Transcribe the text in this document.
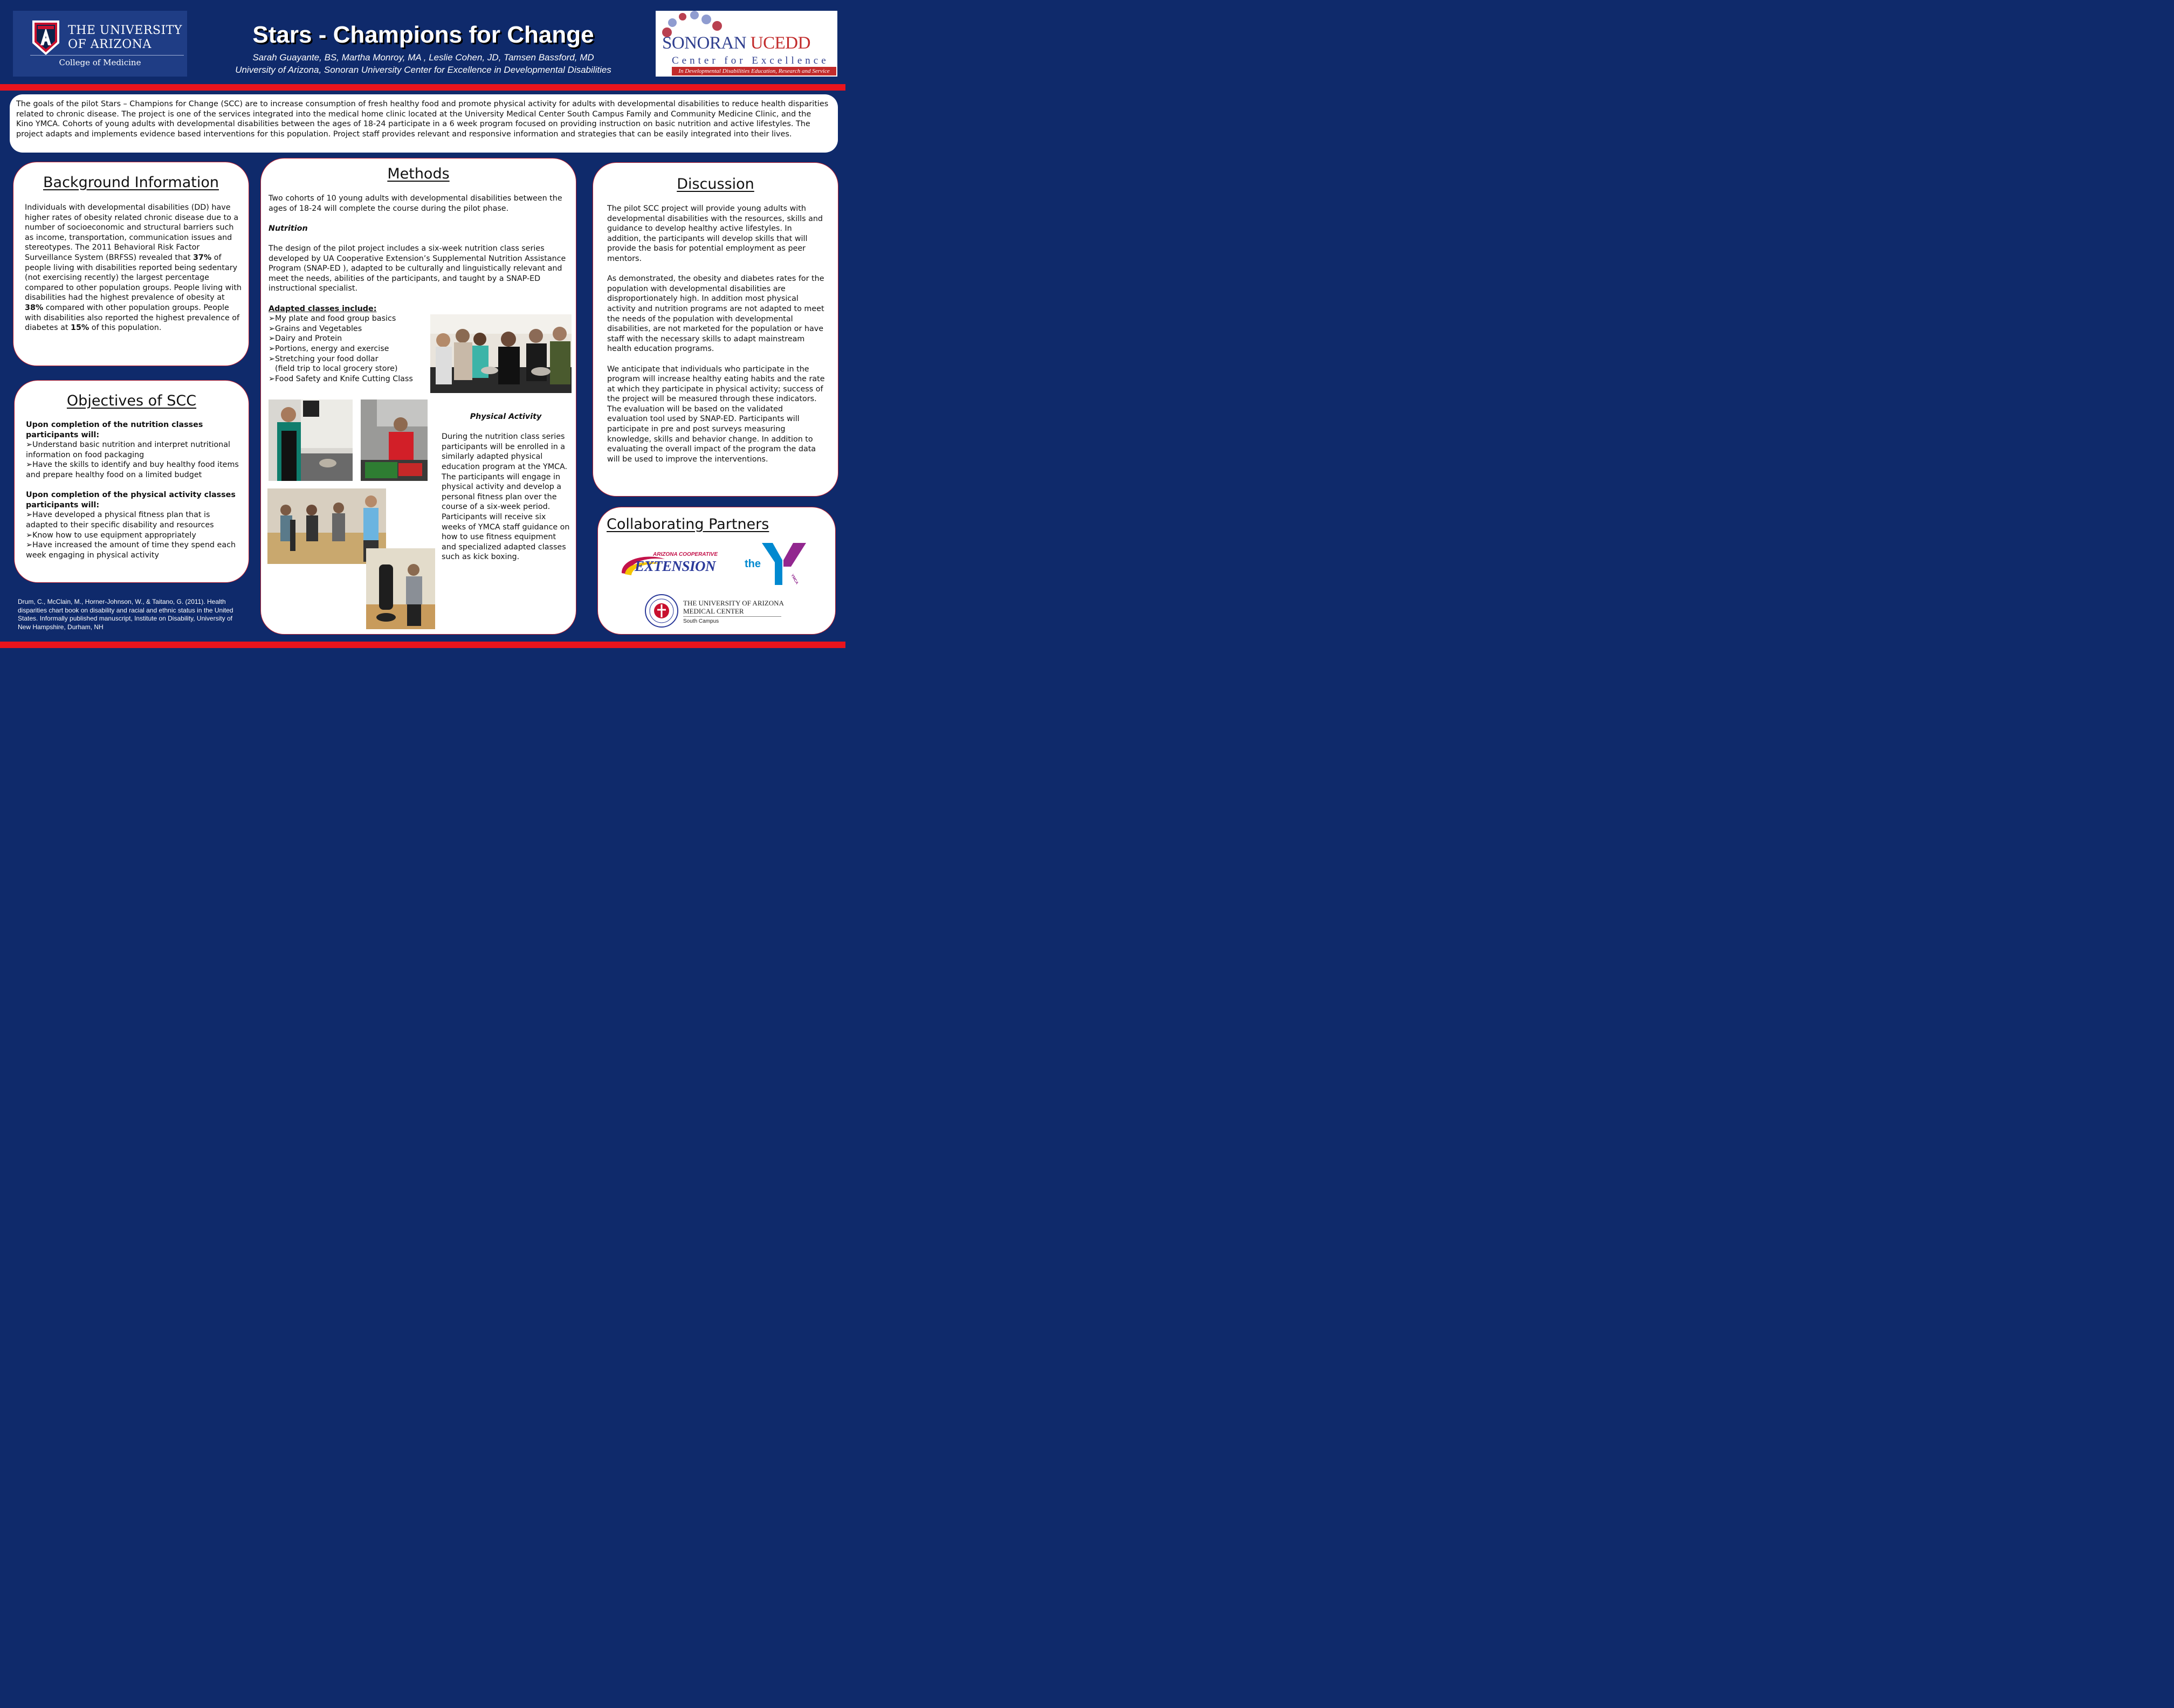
THE UNIVERSITY
OF ARIZONA
College of Medicine
Stars - Champions for Change
Sarah Guayante, BS, Martha Monroy, MA , Leslie Cohen, JD, Tamsen Bassford, MD
University of Arizona, Sonoran University Center for Excellence in Developmental Disabilities
SONORAN UCEDD
Center for Excellence
In Developmental Disabilities Education, Research and Service

The goals of the pilot Stars – Champions for Change (SCC) are to increase consumption of fresh healthy food and promote physical activity for adults with developmental disabilities to reduce health disparities related to chronic disease. The project is one of the services integrated into the medical home clinic located at the University Medical Center South Campus Family and Community Medicine Clinic, and the Kino YMCA. Cohorts of young adults with developmental disabilities between the ages of 18-24 participate in a 6 week program focused on providing instruction on basic nutrition and active lifestyles. The project adapts and implements evidence based interventions for this population. Project staff provides relevant and responsive information and strategies that can be easily integrated into their lives.

Background Information

Individuals with developmental disabilities (DD) have higher rates of obesity related chronic disease due to a number of socioeconomic and structural barriers such as income, transportation, communication issues and stereotypes. The 2011 Behavioral Risk Factor Surveillance System (BRFSS) revealed that 37% of people living with disabilities reported being sedentary (not exercising recently) the largest percentage compared to other population groups. People living with disabilities had the highest prevalence of obesity at 38% compared with other population groups. People with disabilities also reported the highest prevalence of diabetes at 15% of this population.

Objectives of SCC
Upon completion of the nutrition classes participants will:
➢Understand basic nutrition and interpret nutritional information on food packaging
➢Have the skills to identify and buy healthy food items and prepare healthy food on a limited budget
Upon completion of the physical activity classes participants will:
➢Have developed a physical fitness plan that is adapted to their specific disability and resources
➢Know how to use equipment appropriately
➢Have increased the amount of time they spend each week engaging in physical activity
Drum, C., McClain, M., Horner-Johnson, W., & Taitano, G. (2011). Health disparities chart book on disability and racial and ethnic status in the United States. Informally published manuscript, Institute on Disability, University of New Hampshire, Durham, NH
Methods
Two cohorts of 10 young adults with developmental disabilities between the ages of 18-24 will complete the course during the pilot phase.
Nutrition
The design of the pilot project includes a six-week nutrition class series developed by UA Cooperative Extension’s Supplemental Nutrition Assistance Program (SNAP-ED ), adapted to be culturally and linguistically relevant and meet the needs, abilities of the participants, and taught by a SNAP-ED instructional specialist.
Adapted classes include:
➢My plate and food group basics
➢Grains and Vegetables
➢Dairy and Protein
➢Portions, energy and exercise
➢Stretching your food dollar
(field trip to local grocery store)
➢Food Safety and Knife Cutting Class
Physical Activity
During the nutrition class series participants will be enrolled in a similarly adapted physical education program at the YMCA. The participants will engage in physical activity and develop a personal fitness plan over the course of a six-week period. Participants will receive six weeks of YMCA staff guidance on how to use fitness equipment and specialized adapted classes such as kick boxing.
Discussion
The pilot SCC project will provide young adults with developmental disabilities with the resources, skills and guidance to develop healthy active lifestyles. In addition, the participants will develop skills that will provide the basis for potential employment as peer mentors.
As demonstrated, the obesity and diabetes rates for the population with developmental disabilities are disproportionately high. In addition most physical activity and nutrition programs are not adapted to meet the needs of the population with developmental disabilities, are not marketed for the population or have staff with the necessary skills to adapt mainstream health education programs.
We anticipate that individuals who participate in the program will increase healthy eating habits and the rate at which they participate in physical activity; success of the project will be measured through these indicators. The evaluation will be based on the validated evaluation tool used by SNAP-ED. Participants will participate in pre and post surveys measuring knowledge, skills and behavior change. In addition to evaluating the overall impact of the program the data will be used to improve the interventions.
Collaborating Partners
ARIZONA COOPERATIVE
EXTENSION	the
YMCA
THE UNIVERSITY OF ARIZONA
MEDICAL CENTER
South Campus
